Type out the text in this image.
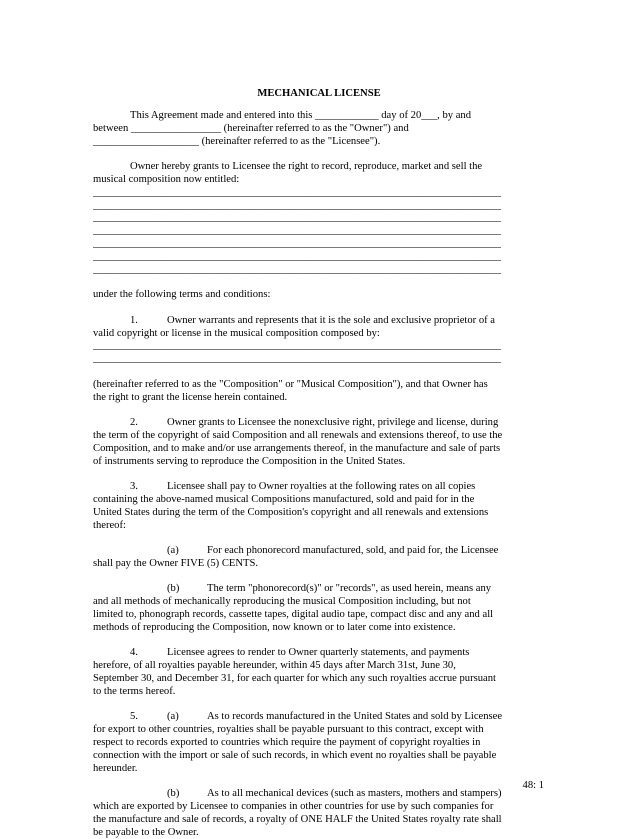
MECHANICAL LICENSE

This Agreement made and entered into this ____________ day of 20___, by and between _________________ (hereinafter referred to as the "Owner") and ____________________ (hereinafter referred to as the "Licensee").

Owner hereby grants to Licensee the right to record, reproduce, market and sell the musical composition now entitled:

_____________________________________________________________________________
_____________________________________________________________________________
_____________________________________________________________________________
_____________________________________________________________________________
_____________________________________________________________________________
_____________________________________________________________________________
_____________________________________________________________________________

under the following terms and conditions:

1.	Owner warrants and represents that it is the sole and exclusive proprietor of a valid copyright or license in the musical composition composed by:

_____________________________________________________________________________
_____________________________________________________________________________

(hereinafter referred to as the "Composition" or "Musical Composition"), and that Owner has the right to grant the license herein contained.

2.	Owner grants to Licensee the nonexclusive right, privilege and license, during the term of the copyright of said Composition and all renewals and extensions thereof, to use the Composition, and to make and/or use arrangements thereof, in the manufacture and sale of parts of instruments serving to reproduce the Composition in the United States.

3.	Licensee shall pay to Owner royalties at the following rates on all copies containing the above-named musical Compositions manufactured, sold and paid for in the United States during the term of the Composition's copyright and all renewals and extensions thereof:

(a)	For each phonorecord manufactured, sold, and paid for, the Licensee shall pay the Owner FIVE (5) CENTS.

(b)	The term "phonorecord(s)" or "records", as used herein, means any and all methods of mechanically reproducing the musical Composition including, but not limited to, phonograph records, cassette tapes, digital audio tape, compact disc and any and all methods of reproducing the Composition, now known or to later come into existence.

4.	Licensee agrees to render to Owner quarterly statements, and payments herefore, of all royalties payable hereunder, within 45 days after March 31st, June 30, September 30, and December 31, for each quarter for which any such royalties accrue pursuant to the terms hereof.

5.	(a)	As to records manufactured in the United States and sold by Licensee for export to other countries, royalties shall be payable pursuant to this contract, except with respect to records exported to countries which require the payment of copyright royalties in connection with the import or sale of such records, in which event no royalties shall be payable hereunder.

(b)	As to all mechanical devices (such as masters, mothers and stampers) which are exported by Licensee to companies in other countries for use by such companies for the manufacture and sale of records, a royalty of ONE HALF the United States royalty rate shall be payable to the Owner.

48: 1
